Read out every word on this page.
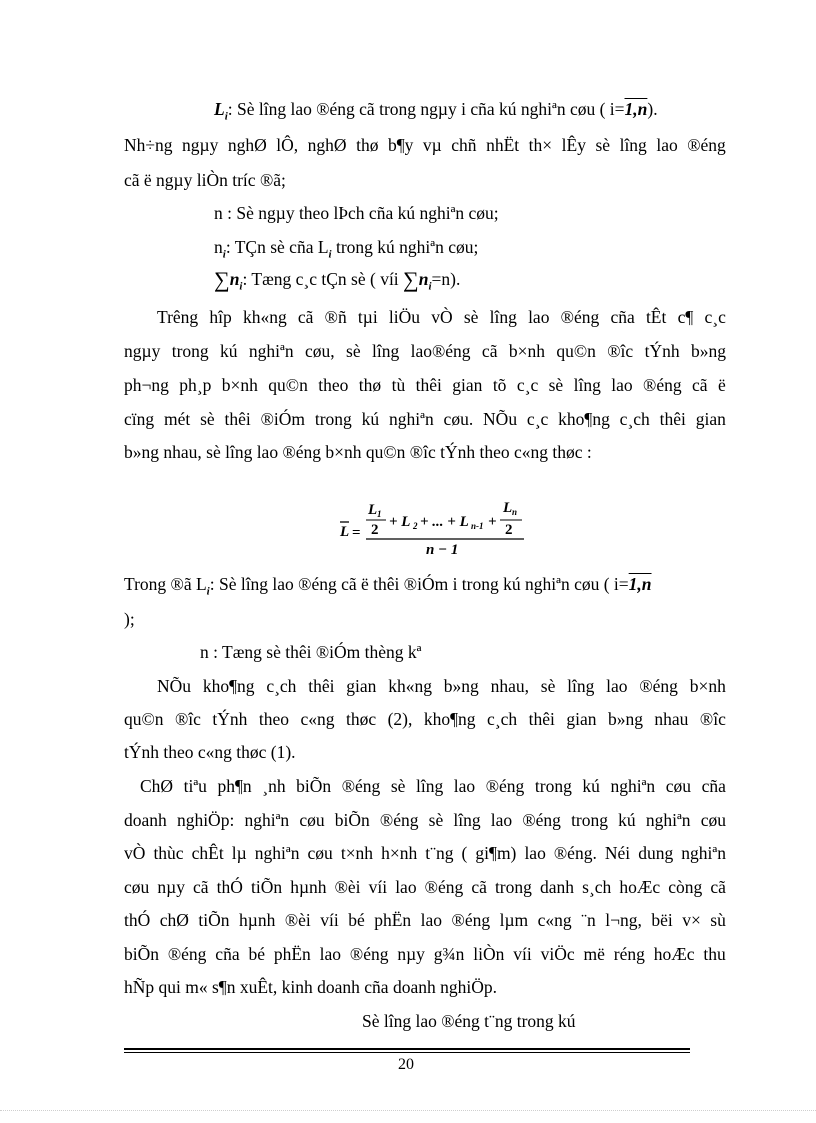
$L_i$: Sè lîng lao ®éng cã trong ngµy i cña kú nghiªn cøu ( i=1,n).
Nh÷ng ngµy nghØ lÔ, nghØ thø b¶y vµ chñ nhËt th× lÊy sè lîng lao ®éng
cã ë ngµy liÒn tríc ®ã;
n : Sè ngµy theo lÞch cña kú nghiªn cøu;
$n_i$: TÇn sè cña $L_i$ trong kú nghiªn cøu;
$\sum n_i$: Tæng c¸c tÇn sè ( víi $\sum n_i=n$).
Trêng hîp kh«ng cã ®ñ tµi liÖu vÒ sè lîng lao ®éng cña tÊt c¶ c¸c
ngµy trong kú nghiªn cøu, sè lîng lao®éng cã b×nh qu©n ®îc tÝnh b»ng
ph¬ng ph¸p b×nh qu©n theo thø tù thêi gian tõ c¸c sè lîng lao ®éng cã ë
cïng mét sè thêi ®iÓm trong kú nghiªn cøu. NÕu c¸c kho¶ng c¸ch thêi gian
b»ng nhau, sè lîng lao ®éng b×nh qu©n ®îc tÝnh theo c«ng thøc :
L =
L 1
2 + L 2 + ... + L n-1 +
L n
2
n − 1
Trong ®ã $L_i$: Sè lîng lao ®éng cã ë thêi ®iÓm i trong kú nghiªn cøu ( i=1,n
);
n : Tæng sè thêi ®iÓm thèng kª
NÕu kho¶ng c¸ch thêi gian kh«ng b»ng nhau, sè lîng lao ®éng b×nh
qu©n ®îc tÝnh theo c«ng thøc (2), kho¶ng c¸ch thêi gian b»ng nhau ®îc
tÝnh theo c«ng thøc (1).
ChØ tiªu ph¶n ¸nh biÕn ®éng sè lîng lao ®éng trong kú nghiªn cøu cña
doanh nghiÖp: nghiªn cøu biÕn ®éng sè lîng lao ®éng trong kú nghiªn cøu
vÒ thùc chÊt lµ nghiªn cøu t×nh h×nh t¨ng ( gi¶m) lao ®éng. Néi dung nghiªn
cøu nµy cã thÓ tiÕn hµnh ®èi víi lao ®éng cã trong danh s¸ch hoÆc còng cã
thÓ chØ tiÕn hµnh ®èi víi bé phËn lao ®éng lµm c«ng ¨n l¬ng, bëi v× sù
biÕn ®éng cña bé phËn lao ®éng nµy g¾n liÒn víi viÖc më réng hoÆc thu
hÑp qui m« s¶n xuÊt, kinh doanh cña doanh nghiÖp.
Sè lîng lao ®éng t¨ng trong kú
20
